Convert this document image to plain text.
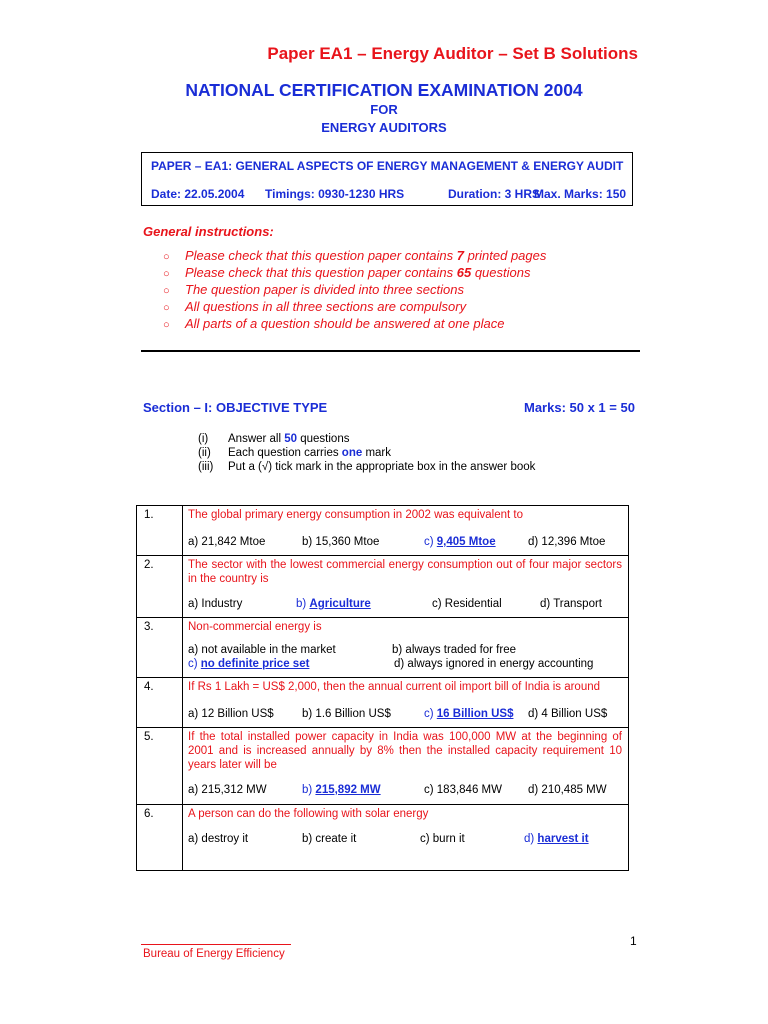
Paper EA1 – Energy Auditor – Set B Solutions
NATIONAL CERTIFICATION EXAMINATION 2004
FOR
ENERGY AUDITORS
PAPER – EA1: GENERAL ASPECTS OF ENERGY MANAGEMENT & ENERGY AUDIT
Date: 22.05.2004 Timings: 0930-1230 HRS	Duration: 3 HRS
Max. Marks: 150
General instructions:
○ Please check that this question paper contains 7 printed pages
○ Please check that this question paper contains 65 questions
○ The question paper is divided into three sections
○ All questions in all three sections are compulsory
○ All parts of a question should be answered at one place
Section – I: OBJECTIVE TYPE	Marks: 50 x 1 = 50
(i) Answer all 50 questions
(ii) Each question carries one mark
(iii) Put a (√) tick mark in the appropriate box in the answer book
1.	The global primary energy consumption in 2002 was equivalent to
a) 21,842 Mtoe b) 15,360 Mtoe c) 9,405 Mtoe d) 12,396 Mtoe

2.	The sector with the lowest commercial energy consumption out of four major sectors in the country is
a) Industry b) Agriculture c) Residential d) Transport

3.	Non-commercial energy is
a) not available in the market b) always traded for free
c) no definite price set d) always ignored in energy accounting

4.	If Rs 1 Lakh = US$ 2,000, then the annual current oil import bill of India is around
a) 12 Billion US$ b) 1.6 Billion US$ c) 16 Billion US$ d) 4 Billion US$

5.	If the total installed power capacity in India was 100,000 MW at the beginning of 2001 and is increased annually by 8% then the installed capacity requirement 10 years later will be
a) 215,312 MW b) 215,892 MW c) 183,846 MW d) 210,485 MW

6.	A person can do the following with solar energy
a) destroy it b) create it c) burn it d) harvest it
1
Bureau of Energy Efficiency
